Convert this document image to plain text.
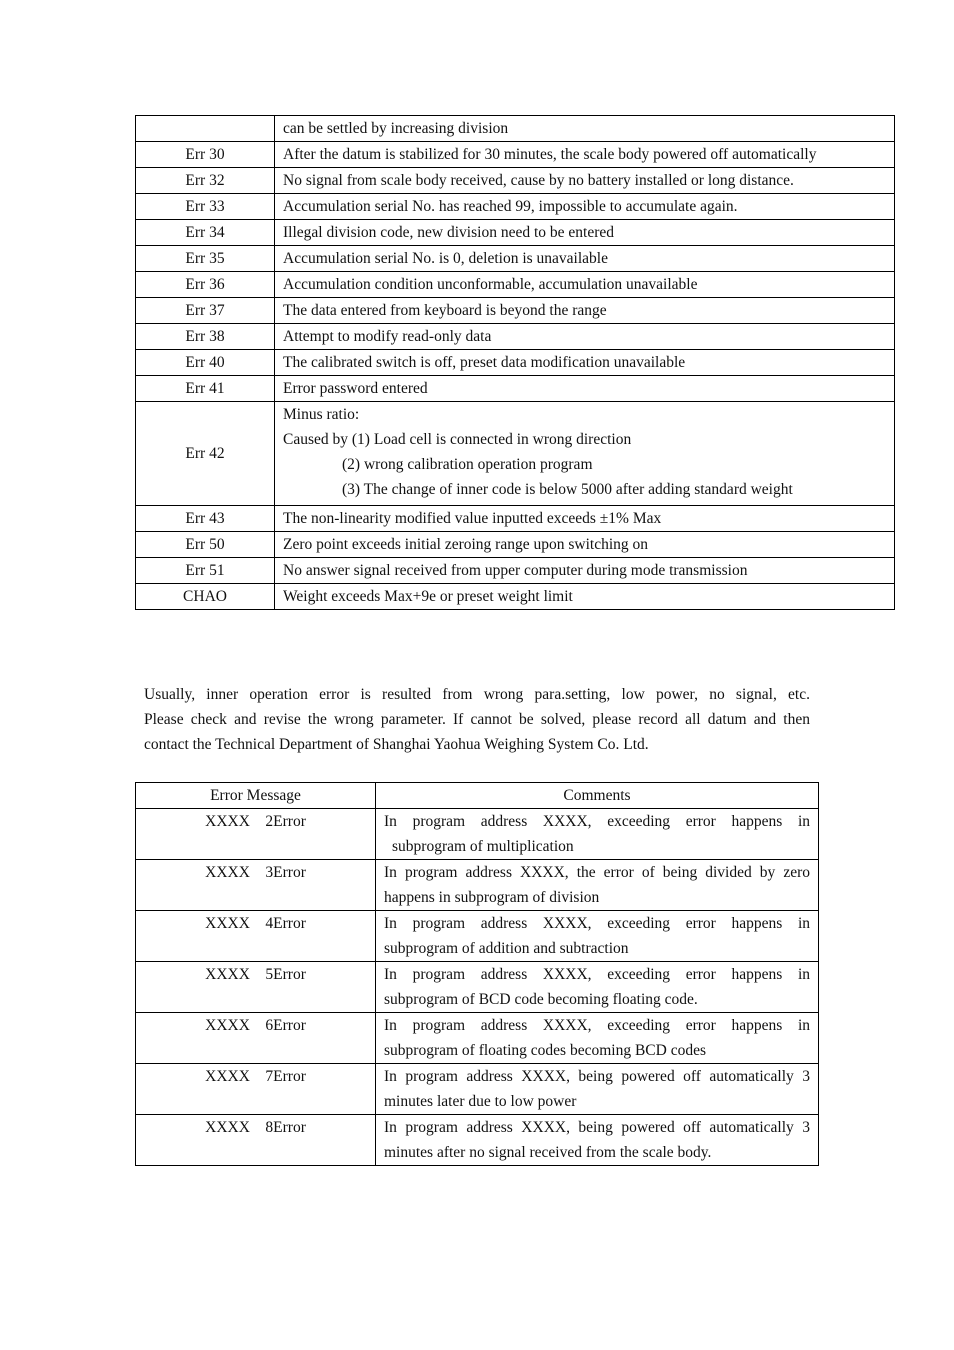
	can be settled by increasing division

Err 30	After the datum is stabilized for 30 minutes, the scale body powered off automatically

Err 32	No signal from scale body received, cause by no battery installed or long distance.

Err 33	Accumulation serial No. has reached 99, impossible to accumulate again.

Err 34	Illegal division code, new division need to be entered

Err 35	Accumulation serial No. is 0, deletion is unavailable

Err 36	Accumulation condition unconformable, accumulation unavailable

Err 37	The data entered from keyboard is beyond the range

Err 38	Attempt to modify read-only data

Err 40	The calibrated switch is off, preset data modification unavailable

Err 41	Error password entered

Err 42	Minus ratio:
Caused by (1) Load cell is connected in wrong direction
(2) wrong calibration operation program
(3) The change of inner code is below 5000 after adding standard weight

Err 43	The non-linearity modified value inputted exceeds ±1% Max

Err 50	Zero point exceeds initial zeroing range upon switching on

Err 51	No answer signal received from upper computer during mode transmission

CHAO	Weight exceeds Max+9e or preset weight limit

Usually, inner operation error is resulted from wrong para.setting, low power, no signal, etc.
Please check and revise the wrong parameter. If cannot be solved, please record all datum and then
contact the Technical Department of Shanghai Yaohua Weighing System Co. Ltd.

Error Message	Comments
XXXX    2Error	In program address XXXX, exceeding error happens in
subprogram of multiplication

XXXX    3Error	In program address XXXX, the error of being divided by zero
happens in subprogram of division

XXXX    4Error	In program address XXXX, exceeding error happens in
subprogram of addition and subtraction

XXXX    5Error	In program address XXXX, exceeding error happens in
subprogram of BCD code becoming floating code.

XXXX    6Error	In program address XXXX, exceeding error happens in
subprogram of floating codes becoming BCD codes

XXXX    7Error	In program address XXXX, being powered off automatically 3
minutes later due to low power

XXXX    8Error	In program address XXXX, being powered off automatically 3
minutes after no signal received from the scale body.
